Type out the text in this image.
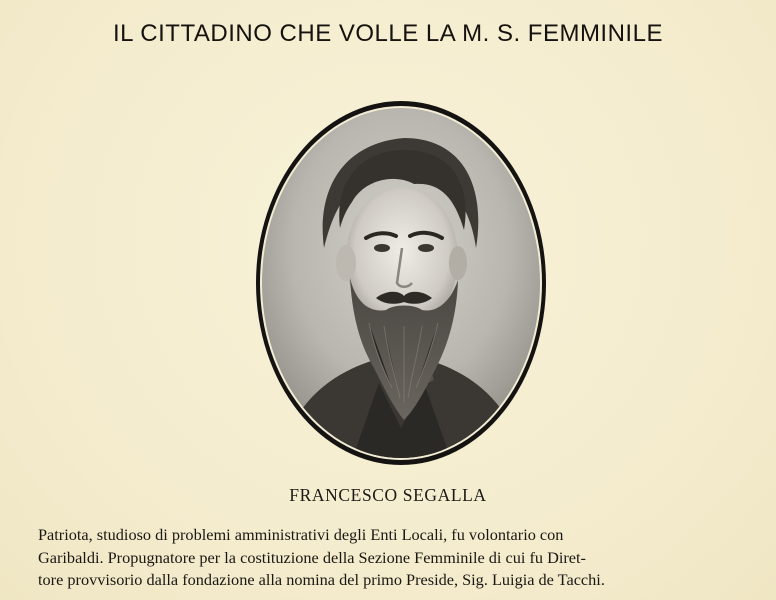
IL CITTADINO CHE VOLLE LA M. S. FEMMINILE
FRANCESCO SEGALLA
Patriota, studioso di problemi amministrativi degli Enti Locali, fu volontario con
Garibaldi. Propugnatore per la costituzione della Sezione Femminile di cui fu Diret-
tore provvisorio dalla fondazione alla nomina del primo Preside, Sig. Luigia de Tacchi.
